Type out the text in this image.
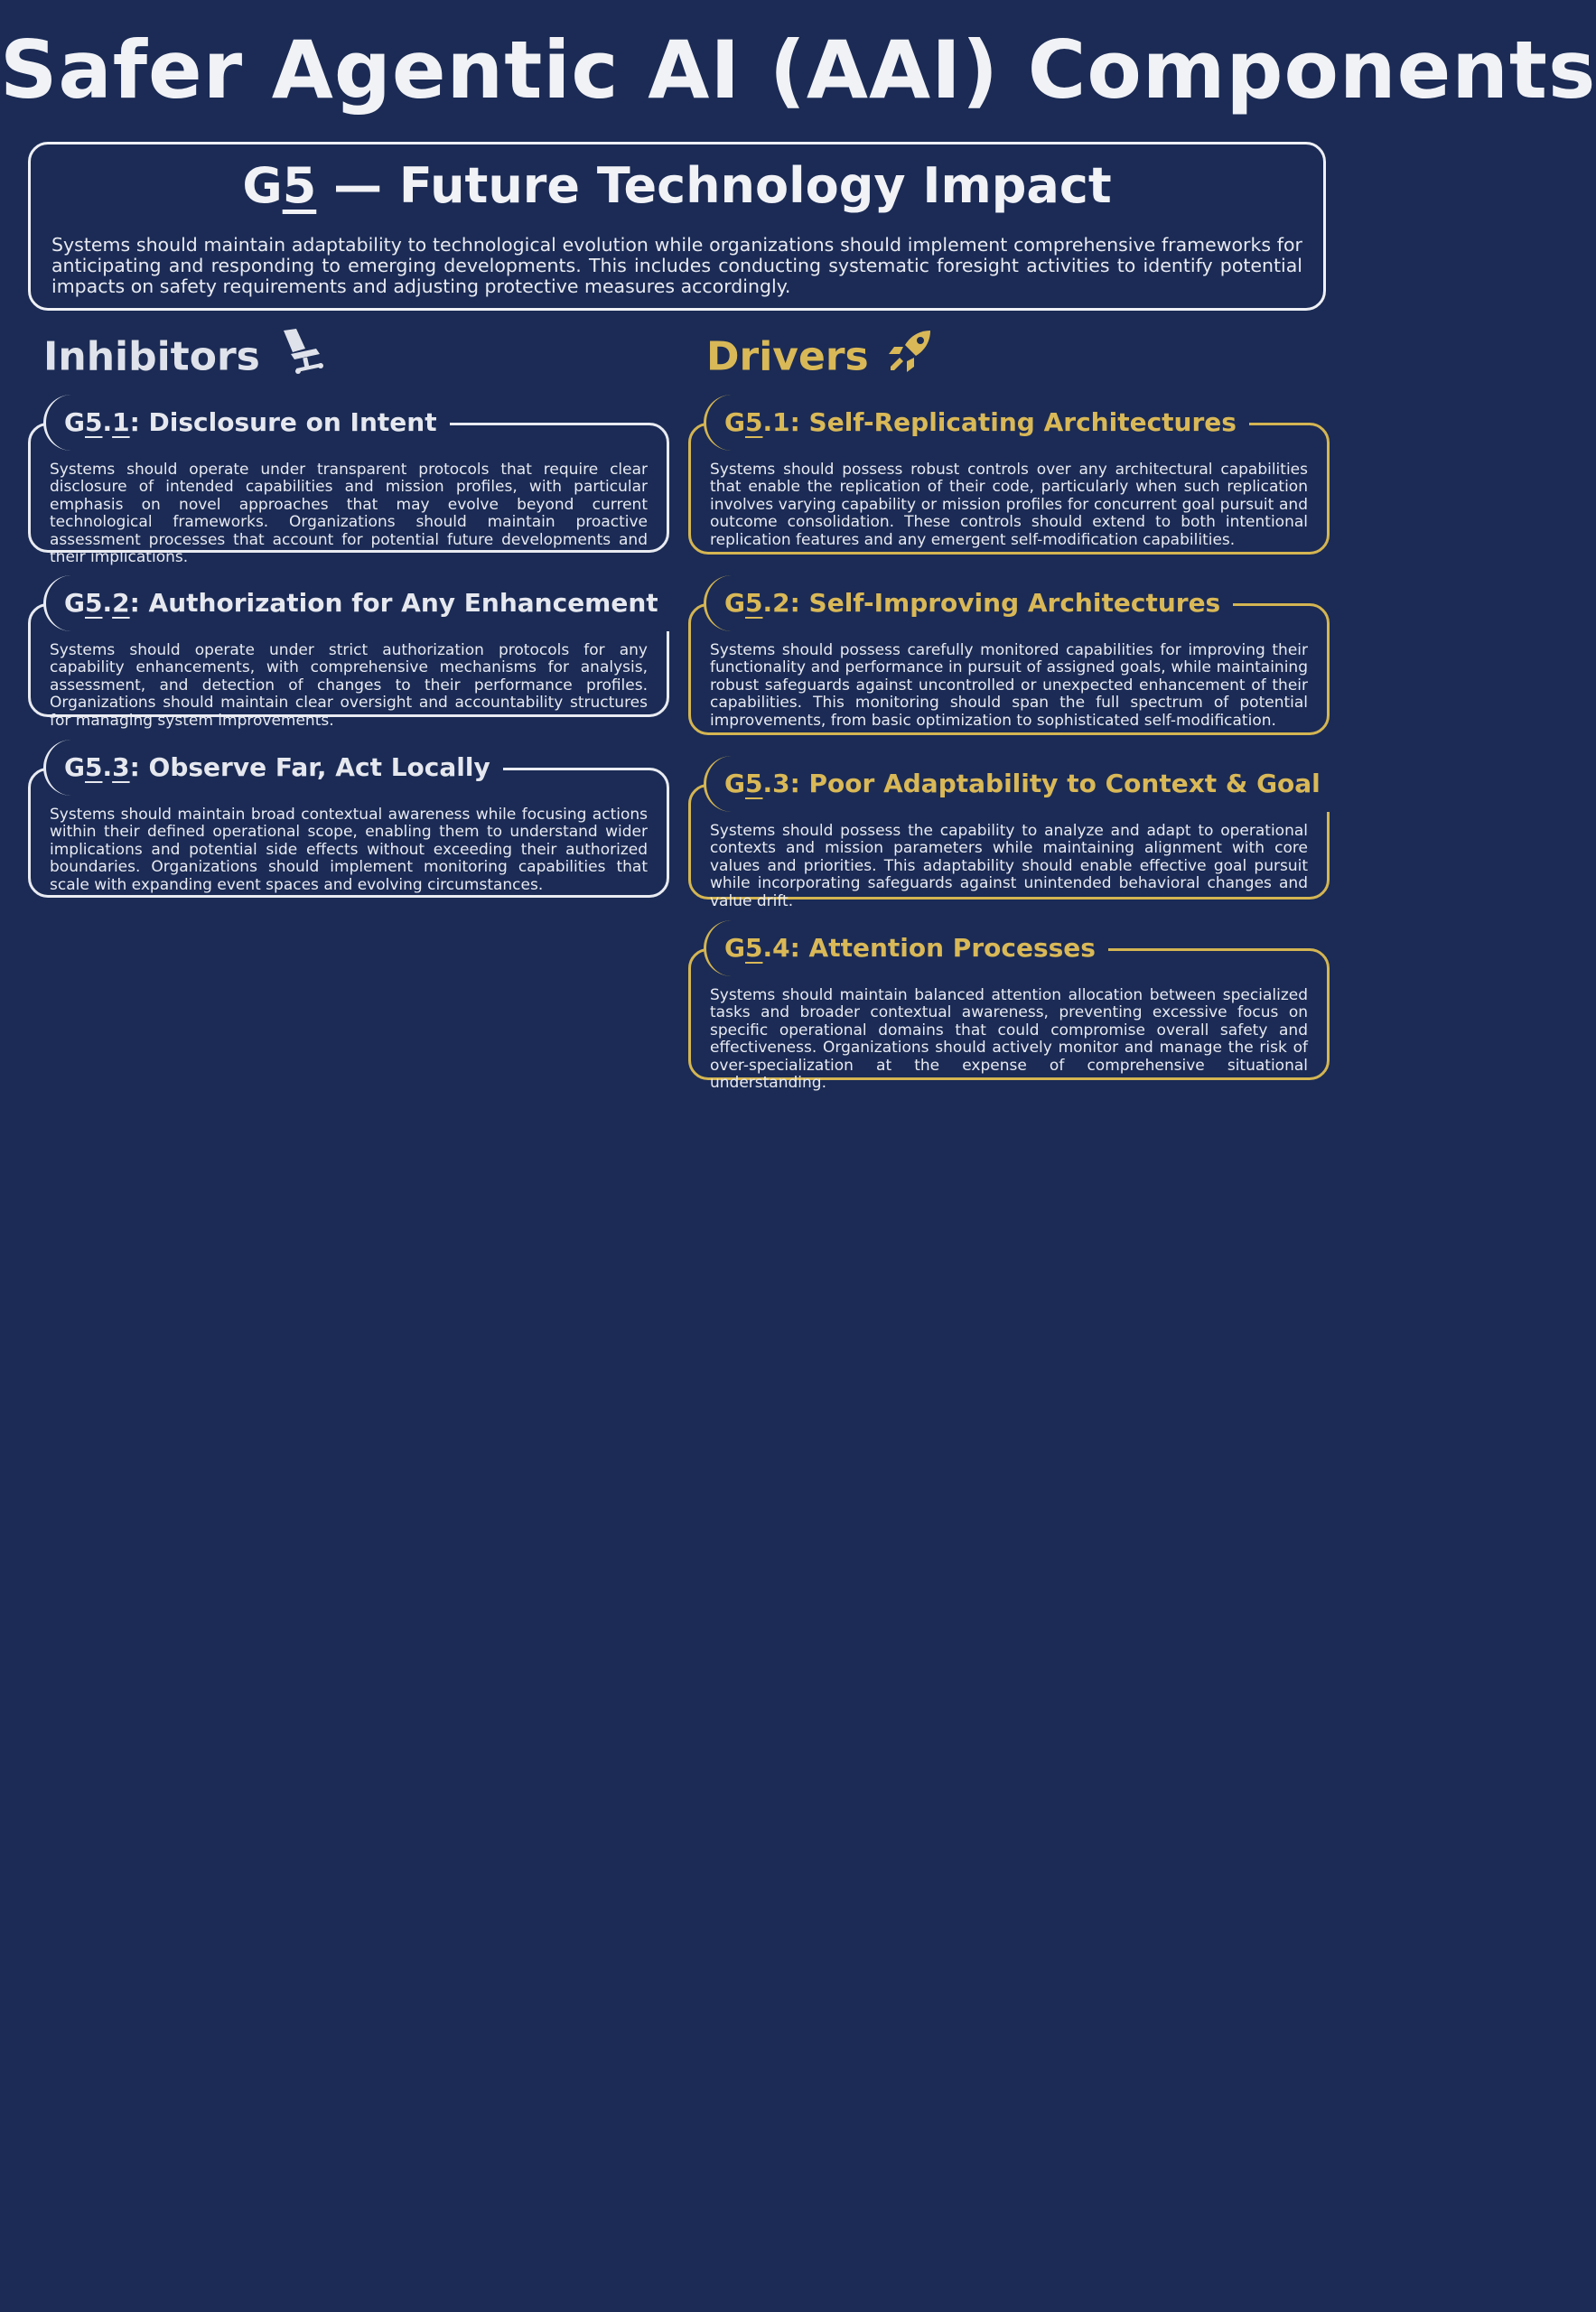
Safer Agentic AI (AAI) Components
G5 — Future Technology Impact
Systems should maintain adaptability to technological evolution while organizations should implement comprehensive frameworks for anticipating and responding to emerging developments. This includes conducting systematic foresight activities to identify potential impacts on safety requirements and adjusting protective measures accordingly.
Inhibitors	Drivers
G5.1: Disclosure on Intent
Systems should operate under transparent protocols that require clear disclosure of intended capabilities and mission profiles, with particular emphasis on novel approaches that may evolve beyond current technological frameworks. Organizations should maintain proactive assessment processes that account for potential future developments and their implications.
G5.2: Authorization for Any Enhancement
Systems should operate under strict authorization protocols for any capability enhancements, with comprehensive mechanisms for analysis, assessment, and detection of changes to their performance profiles. Organizations should maintain clear oversight and accountability structures for managing system improvements.
G5.3: Observe Far, Act Locally
Systems should maintain broad contextual awareness while focusing actions within their defined operational scope, enabling them to understand wider implications and potential side effects without exceeding their authorized boundaries. Organizations should implement monitoring capabilities that scale with expanding event spaces and evolving circumstances.
G5.1: Self-Replicating Architectures
Systems should possess robust controls over any architectural capabilities that enable the replication of their code, particularly when such replication involves varying capability or mission profiles for concurrent goal pursuit and outcome consolidation. These controls should extend to both intentional replication features and any emergent self-modification capabilities.
G5.2: Self-Improving Architectures
Systems should possess carefully monitored capabilities for improving their functionality and performance in pursuit of assigned goals, while maintaining robust safeguards against uncontrolled or unexpected enhancement of their capabilities. This monitoring should span the full spectrum of potential improvements, from basic optimization to sophisticated self-modification.
G5.3: Poor Adaptability to Context & Goal
Systems should possess the capability to analyze and adapt to operational contexts and mission parameters while maintaining alignment with core values and priorities. This adaptability should enable effective goal pursuit while incorporating safeguards against unintended behavioral changes and value drift.
G5.4: Attention Processes
Systems should maintain balanced attention allocation between specialized tasks and broader contextual awareness, preventing excessive focus on specific operational domains that could compromise overall safety and effectiveness. Organizations should actively monitor and manage the risk of over-specialization at the expense of comprehensive situational understanding.
